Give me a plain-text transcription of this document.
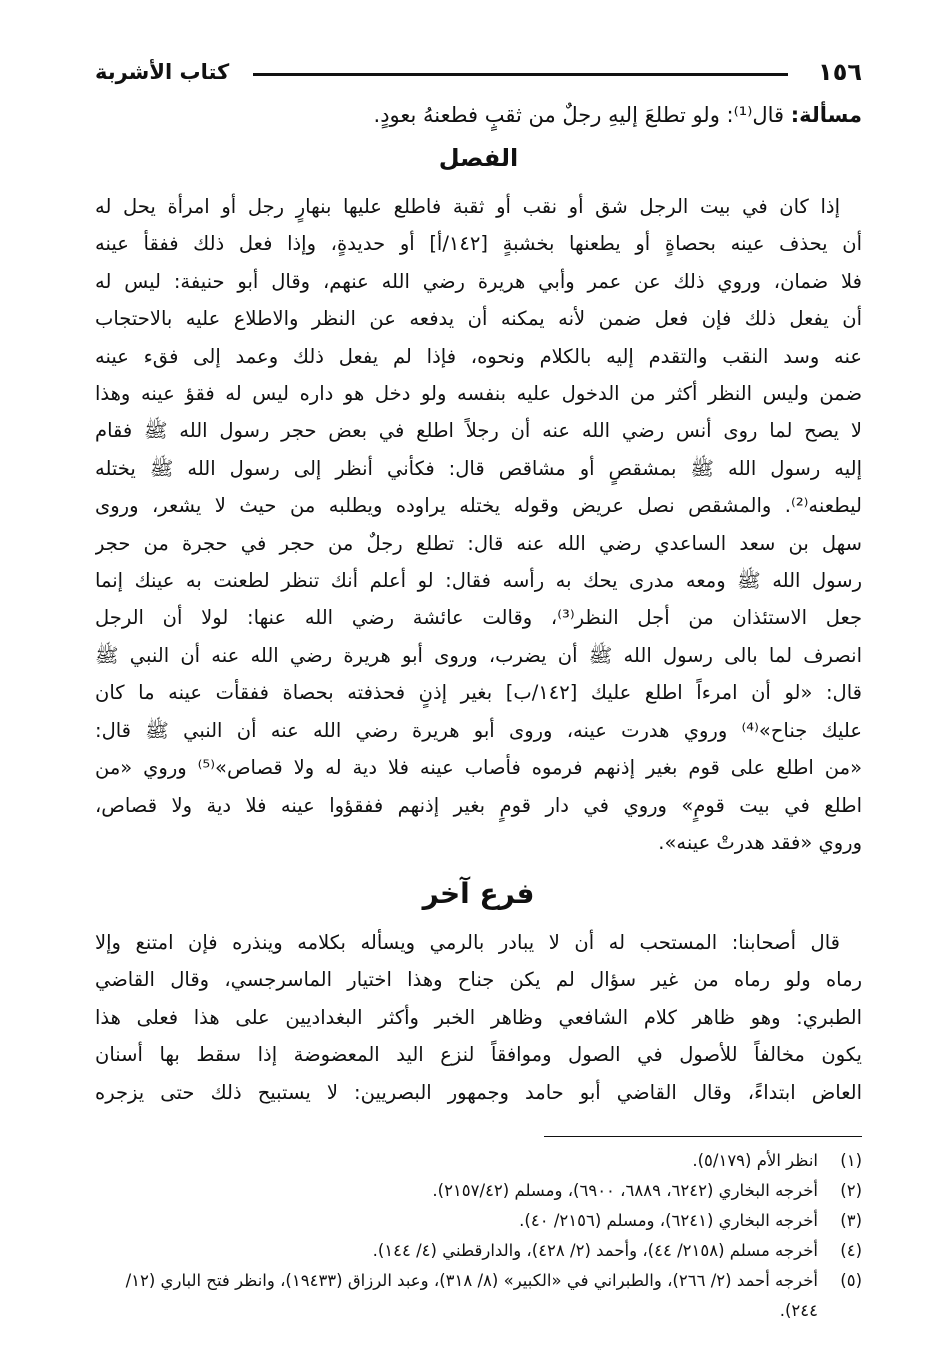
١٥٦
كتاب الأشربة
مسألة: قال⁽¹⁾: ولو تطلعَ إليهِ رجلٌ من ثقبٍ فطعنهُ بعودٍ.
الفصل
إذا كان في بيت الرجل شق أو نقب أو ثقبة فاطلع عليها بنهارٍ رجل أو امرأة يحل له
أن يحذف عينه بحصاةٍ أو يطعنها بخشبةٍ [١٤٢/أ] أو حديدةٍ، وإذا فعل ذلك ففقأ عينه
فلا ضمان، وروي ذلك عن عمر وأبي هريرة رضي الله عنهم، وقال أبو حنيفة: ليس له
أن يفعل ذلك فإن فعل ضمن لأنه يمكنه أن يدفعه عن النظر والاطلاع عليه بالاحتجاب
عنه وسد النقب والتقدم إليه بالكلام ونحوه، فإذا لم يفعل ذلك وعمد إلى فقء عينه
ضمن وليس النظر أكثر من الدخول عليه بنفسه ولو دخل هو داره ليس له فقؤ عينه وهذا
لا يصح لما روى أنس رضي الله عنه أن رجلاً اطلع في بعض حجر رسول الله ﷺ فقام
إليه رسول الله ﷺ بمشقصٍ أو مشاقص قال: فكأني أنظر إلى رسول الله ﷺ يختله
ليطعنه⁽²⁾. والمشقص نصل عريض وقوله يختله يراوده ويطلبه من حيث لا يشعر، وروى
سهل بن سعد الساعدي رضي الله عنه قال: تطلع رجلٌ من حجر في حجرة من حجر
رسول الله ﷺ ومعه مدرى يحك به رأسه فقال: لو أعلم أنك تنظر لطعنت به عينك إنما
جعل الاستئذان من أجل النظر⁽³⁾، وقالت عائشة رضي الله عنها: لولا أن الرجل
انصرف لما بالى رسول الله ﷺ أن يضرب، وروى أبو هريرة رضي الله عنه أن النبي ﷺ
قال: «لو أن امرءاً اطلع عليك [١٤٢/ب] بغير إذنٍ فحذفته بحصاة ففقأت عينه ما كان
عليك جناح»⁽⁴⁾ وروي هدرت عينه، وروى أبو هريرة رضي الله عنه أن النبي ﷺ قال:
«من اطلع على قوم بغير إذنهم فرموه فأصاب عينه فلا دية له ولا قصاص»⁽⁵⁾ وروي «من
اطلع في بيت قومٍ» وروي في دار قومٍ بغير إذنهم ففقؤوا عينه فلا دية ولا قصاص،
وروي «فقد هدرتْ عينه».
فرع آخر
قال أصحابنا: المستحب له أن لا يبادر بالرمي ويسأله بكلامه وينذره فإن امتنع وإلا
رماه ولو رماه من غير سؤال لم يكن جناح وهذا اختيار الماسرجسي، وقال القاضي
الطبري: وهو ظاهر كلام الشافعي وظاهر الخبر وأكثر البغداديين على هذا فعلى هذا
يكون مخالفاً للأصول في الصول وموافقاً لنزع اليد المعضوضة إذا سقط بها أسنان
العاض ابتداءً، وقال القاضي أبو حامد وجمهور البصريين: لا يستبيح ذلك حتى يزجره
(١)
انظر الأم (٥/١٧٩).
(٢)
أخرجه البخاري (٦٢٤٢، ٦٨٨٩، ٦٩٠٠)، ومسلم (٢١٥٧/٤٢).
(٣)
أخرجه البخاري (٦٢٤١)، ومسلم (٢١٥٦/ ٤٠).
(٤)
أخرجه مسلم (٢١٥٨/ ٤٤)، وأحمد (٢/ ٤٢٨)، والدارقطني (٤/ ١٤٤).
(٥)
أخرجه أحمد (٢/ ٢٦٦)، والطبراني في «الكبير» (٨/ ٣١٨)، وعبد الرزاق (١٩٤٣٣)، وانظر فتح الباري (١٢/ ٢٤٤).
